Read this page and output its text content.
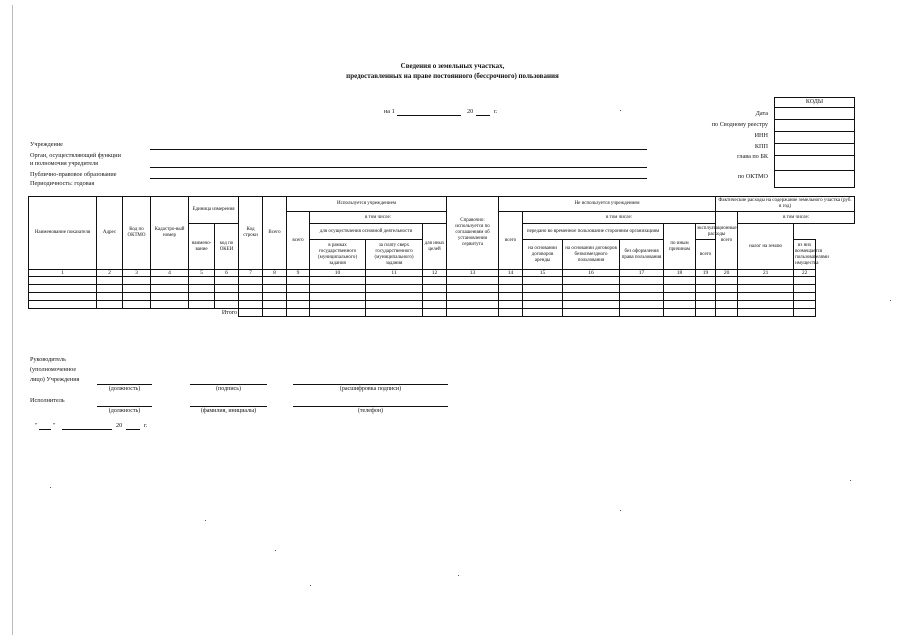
Сведения о земельных участках,
предоставленных на праве постоянного (бессрочного) пользования
на 1	20	г.
КОДЫ
Дата
по Сводному реестру
ИНН
КПП
глава по БК
по ОКТМО
Учреждение
Орган, осуществляющий функции
и полномочия учредителя
Публично-правовое образование
Периодичность: годовая
Наименование показателя	Адрес	Код по ОКТМО	Кадастро-вый номер	Единица измерения		Код строки	Всего	Используется учреждением				Справочно: используется по соглашениям об установлении сервитута	Не используется учреждением						Фактические расходы на содержание земельного участка (руб. в год)		
								всего	в том числе:				всего	в том числе:					всего	в том числе:	
				наимено-вание	код по ОКЕИ				для осуществления основной деятельности		для иных целей			передано во временное пользование сторонним организациям			по иным причинам	эксплуатационные расходы		налог на землю	
									в рамках государственного (муниципального) задания	за плату сверх государственного (муниципального) задания				на основании договоров аренды	на основании договоров безвозмездного пользования	без оформления права пользования		всего			из них возмещается пользователями имущества
1	2	3	4	5	6	7	8	9	10	11	12	13	14	15	16	17	18	19	20	21	22

Итого																					
Руководитель
(уполномоченное
лицо) Учреждения
(должность)	(подпись)	(расшифровка подписи)
Исполнитель
(должность)	(фамилия, инициалы)	(телефон)
" "	20	г.
